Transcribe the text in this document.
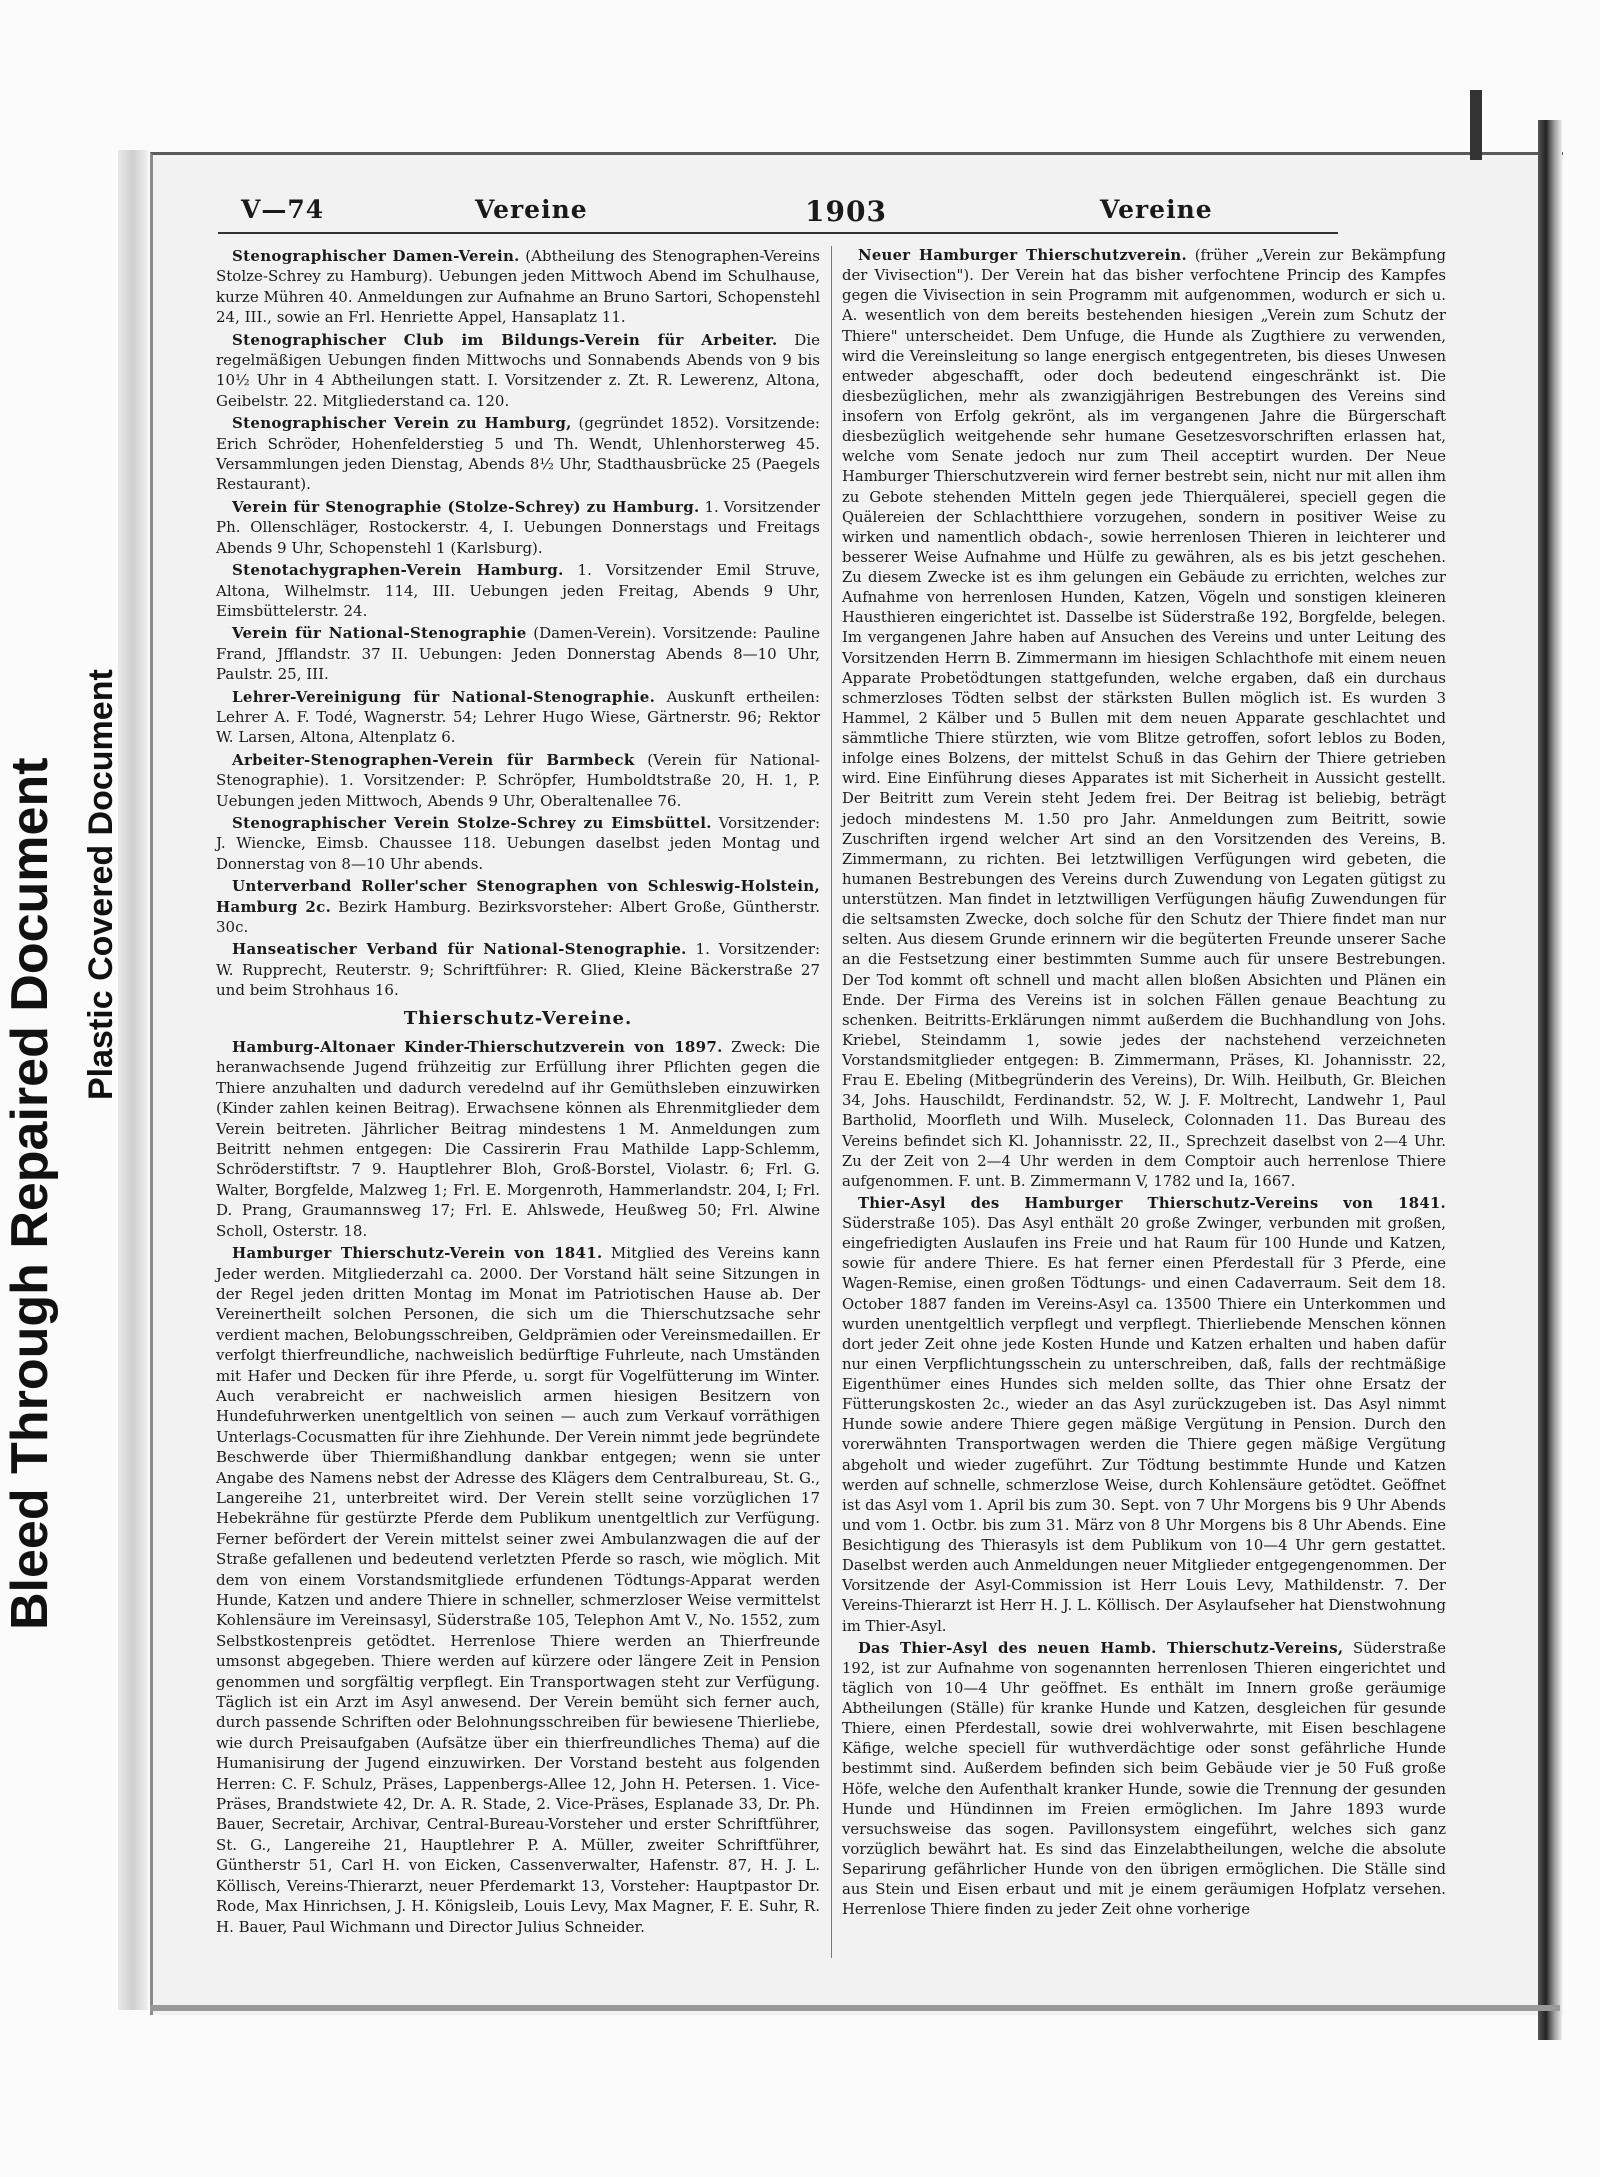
Bleed Through Repaired Document Plastic Covered Document
V—74	Vereine	1903	Vereine

Stenographischer Damen-Verein. (Abtheilung des Stenographen-Vereins Stolze-Schrey zu Hamburg). Uebungen jeden Mittwoch Abend im Schulhause, kurze Mühren 40. Anmeldungen zur Aufnahme an Bruno Sartori, Schopenstehl 24, III., sowie an Frl. Henriette Appel, Hansaplatz 11.

Stenographischer Club im Bildungs-Verein für Arbeiter. Die regelmäßigen Uebungen finden Mittwochs und Sonnabends Abends von 9 bis 10½ Uhr in 4 Abtheilungen statt. I. Vorsitzender z. Zt. R. Lewerenz, Altona, Geibelstr. 22. Mitgliederstand ca. 120.

Stenographischer Verein zu Hamburg, (gegründet 1852). Vorsitzende: Erich Schröder, Hohenfelderstieg 5 und Th. Wendt, Uhlenhorsterweg 45. Versammlungen jeden Dienstag, Abends 8½ Uhr, Stadthausbrücke 25 (Paegels Restaurant).

Verein für Stenographie (Stolze-Schrey) zu Hamburg. 1. Vorsitzender Ph. Ollenschläger, Rostockerstr. 4, I. Uebungen Donnerstags und Freitags Abends 9 Uhr, Schopenstehl 1 (Karlsburg).

Stenotachygraphen-Verein Hamburg. 1. Vorsitzender Emil Struve, Altona, Wilhelmstr. 114, III. Uebungen jeden Freitag, Abends 9 Uhr, Eimsbüttelerstr. 24.

Verein für National-Stenographie (Damen-Verein). Vorsitzende: Pauline Frand, Jfflandstr. 37 II. Uebungen: Jeden Donnerstag Abends 8—10 Uhr, Paulstr. 25, III.

Lehrer-Vereinigung für National-Stenographie. Auskunft ertheilen: Lehrer A. F. Todé, Wagnerstr. 54; Lehrer Hugo Wiese, Gärtnerstr. 96; Rektor W. Larsen, Altona, Altenplatz 6.

Arbeiter-Stenographen-Verein für Barmbeck (Verein für National-Stenographie). 1. Vorsitzender: P. Schröpfer, Humboldtstraße 20, H. 1, P. Uebungen jeden Mittwoch, Abends 9 Uhr, Oberaltenallee 76.

Stenographischer Verein Stolze-Schrey zu Eimsbüttel. Vorsitzender: J. Wiencke, Eimsb. Chaussee 118. Uebungen daselbst jeden Montag und Donnerstag von 8—10 Uhr abends.

Unterverband Roller'scher Stenographen von Schleswig-Holstein, Hamburg 2c. Bezirk Hamburg. Bezirksvorsteher: Albert Große, Güntherstr. 30c.

Hanseatischer Verband für National-Stenographie. 1. Vorsitzender: W. Rupprecht, Reuterstr. 9; Schriftführer: R. Glied, Kleine Bäckerstraße 27 und beim Strohhaus 16.

Thierschutz-Vereine.

Hamburg-Altonaer Kinder-Thierschutzverein von 1897. Zweck: Die heranwachsende Jugend frühzeitig zur Erfüllung ihrer Pflichten gegen die Thiere anzuhalten und dadurch veredelnd auf ihr Gemüthsleben einzuwirken (Kinder zahlen keinen Beitrag). Erwachsene können als Ehrenmitglieder dem Verein beitreten. Jährlicher Beitrag mindestens 1 M. Anmeldungen zum Beitritt nehmen entgegen: Die Cassirerin Frau Mathilde Lapp-Schlemm, Schröderstiftstr. 7 9. Hauptlehrer Bloh, Groß-Borstel, Violastr. 6; Frl. G. Walter, Borgfelde, Malzweg 1; Frl. E. Morgenroth, Hammerlandstr. 204, I; Frl. D. Prang, Graumannsweg 17; Frl. E. Ahlswede, Heußweg 50; Frl. Alwine Scholl, Osterstr. 18.

Hamburger Thierschutz-Verein von 1841. Mitglied des Vereins kann Jeder werden. Mitgliederzahl ca. 2000. Der Vorstand hält seine Sitzungen in der Regel jeden dritten Montag im Monat im Patriotischen Hause ab. Der Vereinertheilt solchen Personen, die sich um die Thierschutzsache sehr verdient machen, Belobungsschreiben, Geldprämien oder Vereinsmedaillen. Er verfolgt thierfreundliche, nachweislich bedürftige Fuhrleute, nach Umständen mit Hafer und Decken für ihre Pferde, u. sorgt für Vogelfütterung im Winter. Auch verabreicht er nachweislich armen hiesigen Besitzern von Hundefuhrwerken unentgeltlich von seinen — auch zum Verkauf vorräthigen Unterlags-Cocusmatten für ihre Ziehhunde. Der Verein nimmt jede begründete Beschwerde über Thiermißhandlung dankbar entgegen; wenn sie unter Angabe des Namens nebst der Adresse des Klägers dem Centralbureau, St. G., Langereihe 21, unterbreitet wird. Der Verein stellt seine vorzüglichen 17 Hebekrähne für gestürzte Pferde dem Publikum unentgeltlich zur Verfügung. Ferner befördert der Verein mittelst seiner zwei Ambulanzwagen die auf der Straße gefallenen und bedeutend verletzten Pferde so rasch, wie möglich. Mit dem von einem Vorstandsmitgliede erfundenen Tödtungs-Apparat werden Hunde, Katzen und andere Thiere in schneller, schmerzloser Weise vermittelst Kohlensäure im Vereinsasyl, Süderstraße 105, Telephon Amt V., No. 1552, zum Selbstkostenpreis getödtet. Herrenlose Thiere werden an Thierfreunde umsonst abgegeben. Thiere werden auf kürzere oder längere Zeit in Pension genommen und sorgfältig verpflegt. Ein Transportwagen steht zur Verfügung. Täglich ist ein Arzt im Asyl anwesend. Der Verein bemüht sich ferner auch, durch passende Schriften oder Belohnungsschreiben für bewiesene Thierliebe, wie durch Preisaufgaben (Aufsätze über ein thierfreundliches Thema) auf die Humanisirung der Jugend einzuwirken. Der Vorstand besteht aus folgenden Herren: C. F. Schulz, Präses, Lappenbergs-Allee 12, John H. Petersen. 1. Vice-Präses, Brandstwiete 42, Dr. A. R. Stade, 2. Vice-Präses, Esplanade 33, Dr. Ph. Bauer, Secretair, Archivar, Central-Bureau-Vorsteher und erster Schriftführer, St. G., Langereihe 21, Hauptlehrer P. A. Müller, zweiter Schriftführer, Güntherstr 51, Carl H. von Eicken, Cassenverwalter, Hafenstr. 87, H. J. L. Köllisch, Vereins-Thierarzt, neuer Pferdemarkt 13, Vorsteher: Hauptpastor Dr. Rode, Max Hinrichsen, J. H. Königsleib, Louis Levy, Max Magner, F. E. Suhr, R. H. Bauer, Paul Wichmann und Director Julius Schneider.

Neuer Hamburger Thierschutzverein. (früher „Verein zur Bekämpfung der Vivisection"). Der Verein hat das bisher verfochtene Princip des Kampfes gegen die Vivisection in sein Programm mit aufgenommen, wodurch er sich u. A. wesentlich von dem bereits bestehenden hiesigen „Verein zum Schutz der Thiere" unterscheidet. Dem Unfuge, die Hunde als Zugthiere zu verwenden, wird die Vereinsleitung so lange energisch entgegentreten, bis dieses Unwesen entweder abgeschafft, oder doch bedeutend eingeschränkt ist. Die diesbezüglichen, mehr als zwanzigjährigen Bestrebungen des Vereins sind insofern von Erfolg gekrönt, als im vergangenen Jahre die Bürgerschaft diesbezüglich weitgehende sehr humane Gesetzesvorschriften erlassen hat, welche vom Senate jedoch nur zum Theil acceptirt wurden. Der Neue Hamburger Thierschutzverein wird ferner bestrebt sein, nicht nur mit allen ihm zu Gebote stehenden Mitteln gegen jede Thierquälerei, speciell gegen die Quälereien der Schlachtthiere vorzugehen, sondern in positiver Weise zu wirken und namentlich obdach-, sowie herrenlosen Thieren in leichterer und besserer Weise Aufnahme und Hülfe zu gewähren, als es bis jetzt geschehen. Zu diesem Zwecke ist es ihm gelungen ein Gebäude zu errichten, welches zur Aufnahme von herrenlosen Hunden, Katzen, Vögeln und sonstigen kleineren Hausthieren eingerichtet ist. Dasselbe ist Süderstraße 192, Borgfelde, belegen. Im vergangenen Jahre haben auf Ansuchen des Vereins und unter Leitung des Vorsitzenden Herrn B. Zimmermann im hiesigen Schlachthofe mit einem neuen Apparate Probetödtungen stattgefunden, welche ergaben, daß ein durchaus schmerzloses Tödten selbst der stärksten Bullen möglich ist. Es wurden 3 Hammel, 2 Kälber und 5 Bullen mit dem neuen Apparate geschlachtet und sämmtliche Thiere stürzten, wie vom Blitze getroffen, sofort leblos zu Boden, infolge eines Bolzens, der mittelst Schuß in das Gehirn der Thiere getrieben wird. Eine Einführung dieses Apparates ist mit Sicherheit in Aussicht gestellt. Der Beitritt zum Verein steht Jedem frei. Der Beitrag ist beliebig, beträgt jedoch mindestens M. 1.50 pro Jahr. Anmeldungen zum Beitritt, sowie Zuschriften irgend welcher Art sind an den Vorsitzenden des Vereins, B. Zimmermann, zu richten. Bei letztwilligen Verfügungen wird gebeten, die humanen Bestrebungen des Vereins durch Zuwendung von Legaten gütigst zu unterstützen. Man findet in letztwilligen Verfügungen häufig Zuwendungen für die seltsamsten Zwecke, doch solche für den Schutz der Thiere findet man nur selten. Aus diesem Grunde erinnern wir die begüterten Freunde unserer Sache an die Festsetzung einer bestimmten Summe auch für unsere Bestrebungen. Der Tod kommt oft schnell und macht allen bloßen Absichten und Plänen ein Ende. Der Firma des Vereins ist in solchen Fällen genaue Beachtung zu schenken. Beitritts-Erklärungen nimmt außerdem die Buchhandlung von Johs. Kriebel, Steindamm 1, sowie jedes der nachstehend verzeichneten Vorstandsmitglieder entgegen: B. Zimmermann, Präses, Kl. Johannisstr. 22, Frau E. Ebeling (Mitbegründerin des Vereins), Dr. Wilh. Heilbuth, Gr. Bleichen 34, Johs. Hauschildt, Ferdinandstr. 52, W. J. F. Moltrecht, Landwehr 1, Paul Bartholid, Moorfleth und Wilh. Museleck, Colonnaden 11. Das Bureau des Vereins befindet sich Kl. Johannisstr. 22, II., Sprechzeit daselbst von 2—4 Uhr. Zu der Zeit von 2—4 Uhr werden in dem Comptoir auch herrenlose Thiere aufgenommen. F. unt. B. Zimmermann V, 1782 und Ia, 1667.

Thier-Asyl des Hamburger Thierschutz-Vereins von 1841. Süderstraße 105). Das Asyl enthält 20 große Zwinger, verbunden mit großen, eingefriedigten Auslaufen ins Freie und hat Raum für 100 Hunde und Katzen, sowie für andere Thiere. Es hat ferner einen Pferdestall für 3 Pferde, eine Wagen-Remise, einen großen Tödtungs- und einen Cadaverraum. Seit dem 18. October 1887 fanden im Vereins-Asyl ca. 13500 Thiere ein Unterkommen und wurden unentgeltlich verpflegt und verpflegt. Thierliebende Menschen können dort jeder Zeit ohne jede Kosten Hunde und Katzen erhalten und haben dafür nur einen Verpflichtungsschein zu unterschreiben, daß, falls der rechtmäßige Eigenthümer eines Hundes sich melden sollte, das Thier ohne Ersatz der Fütterungskosten 2c., wieder an das Asyl zurückzugeben ist. Das Asyl nimmt Hunde sowie andere Thiere gegen mäßige Vergütung in Pension. Durch den vorerwähnten Transportwagen werden die Thiere gegen mäßige Vergütung abgeholt und wieder zugeführt. Zur Tödtung bestimmte Hunde und Katzen werden auf schnelle, schmerzlose Weise, durch Kohlensäure getödtet. Geöffnet ist das Asyl vom 1. April bis zum 30. Sept. von 7 Uhr Morgens bis 9 Uhr Abends und vom 1. Octbr. bis zum 31. März von 8 Uhr Morgens bis 8 Uhr Abends. Eine Besichtigung des Thierasyls ist dem Publikum von 10—4 Uhr gern gestattet. Daselbst werden auch Anmeldungen neuer Mitglieder entgegengenommen. Der Vorsitzende der Asyl-Commission ist Herr Louis Levy, Mathildenstr. 7. Der Vereins-Thierarzt ist Herr H. J. L. Köllisch. Der Asylaufseher hat Dienstwohnung im Thier-Asyl.

Das Thier-Asyl des neuen Hamb. Thierschutz-Vereins, Süderstraße 192, ist zur Aufnahme von sogenannten herrenlosen Thieren eingerichtet und täglich von 10—4 Uhr geöffnet. Es enthält im Innern große geräumige Abtheilungen (Ställe) für kranke Hunde und Katzen, desgleichen für gesunde Thiere, einen Pferdestall, sowie drei wohlverwahrte, mit Eisen beschlagene Käfige, welche speciell für wuthverdächtige oder sonst gefährliche Hunde bestimmt sind. Außerdem befinden sich beim Gebäude vier je 50 Fuß große Höfe, welche den Aufenthalt kranker Hunde, sowie die Trennung der gesunden Hunde und Hündinnen im Freien ermöglichen. Im Jahre 1893 wurde versuchsweise das sogen. Pavillonsystem eingeführt, welches sich ganz vorzüglich bewährt hat. Es sind das Einzelabtheilungen, welche die absolute Separirung gefährlicher Hunde von den übrigen ermöglichen. Die Ställe sind aus Stein und Eisen erbaut und mit je einem geräumigen Hofplatz versehen. Herrenlose Thiere finden zu jeder Zeit ohne vorherige
